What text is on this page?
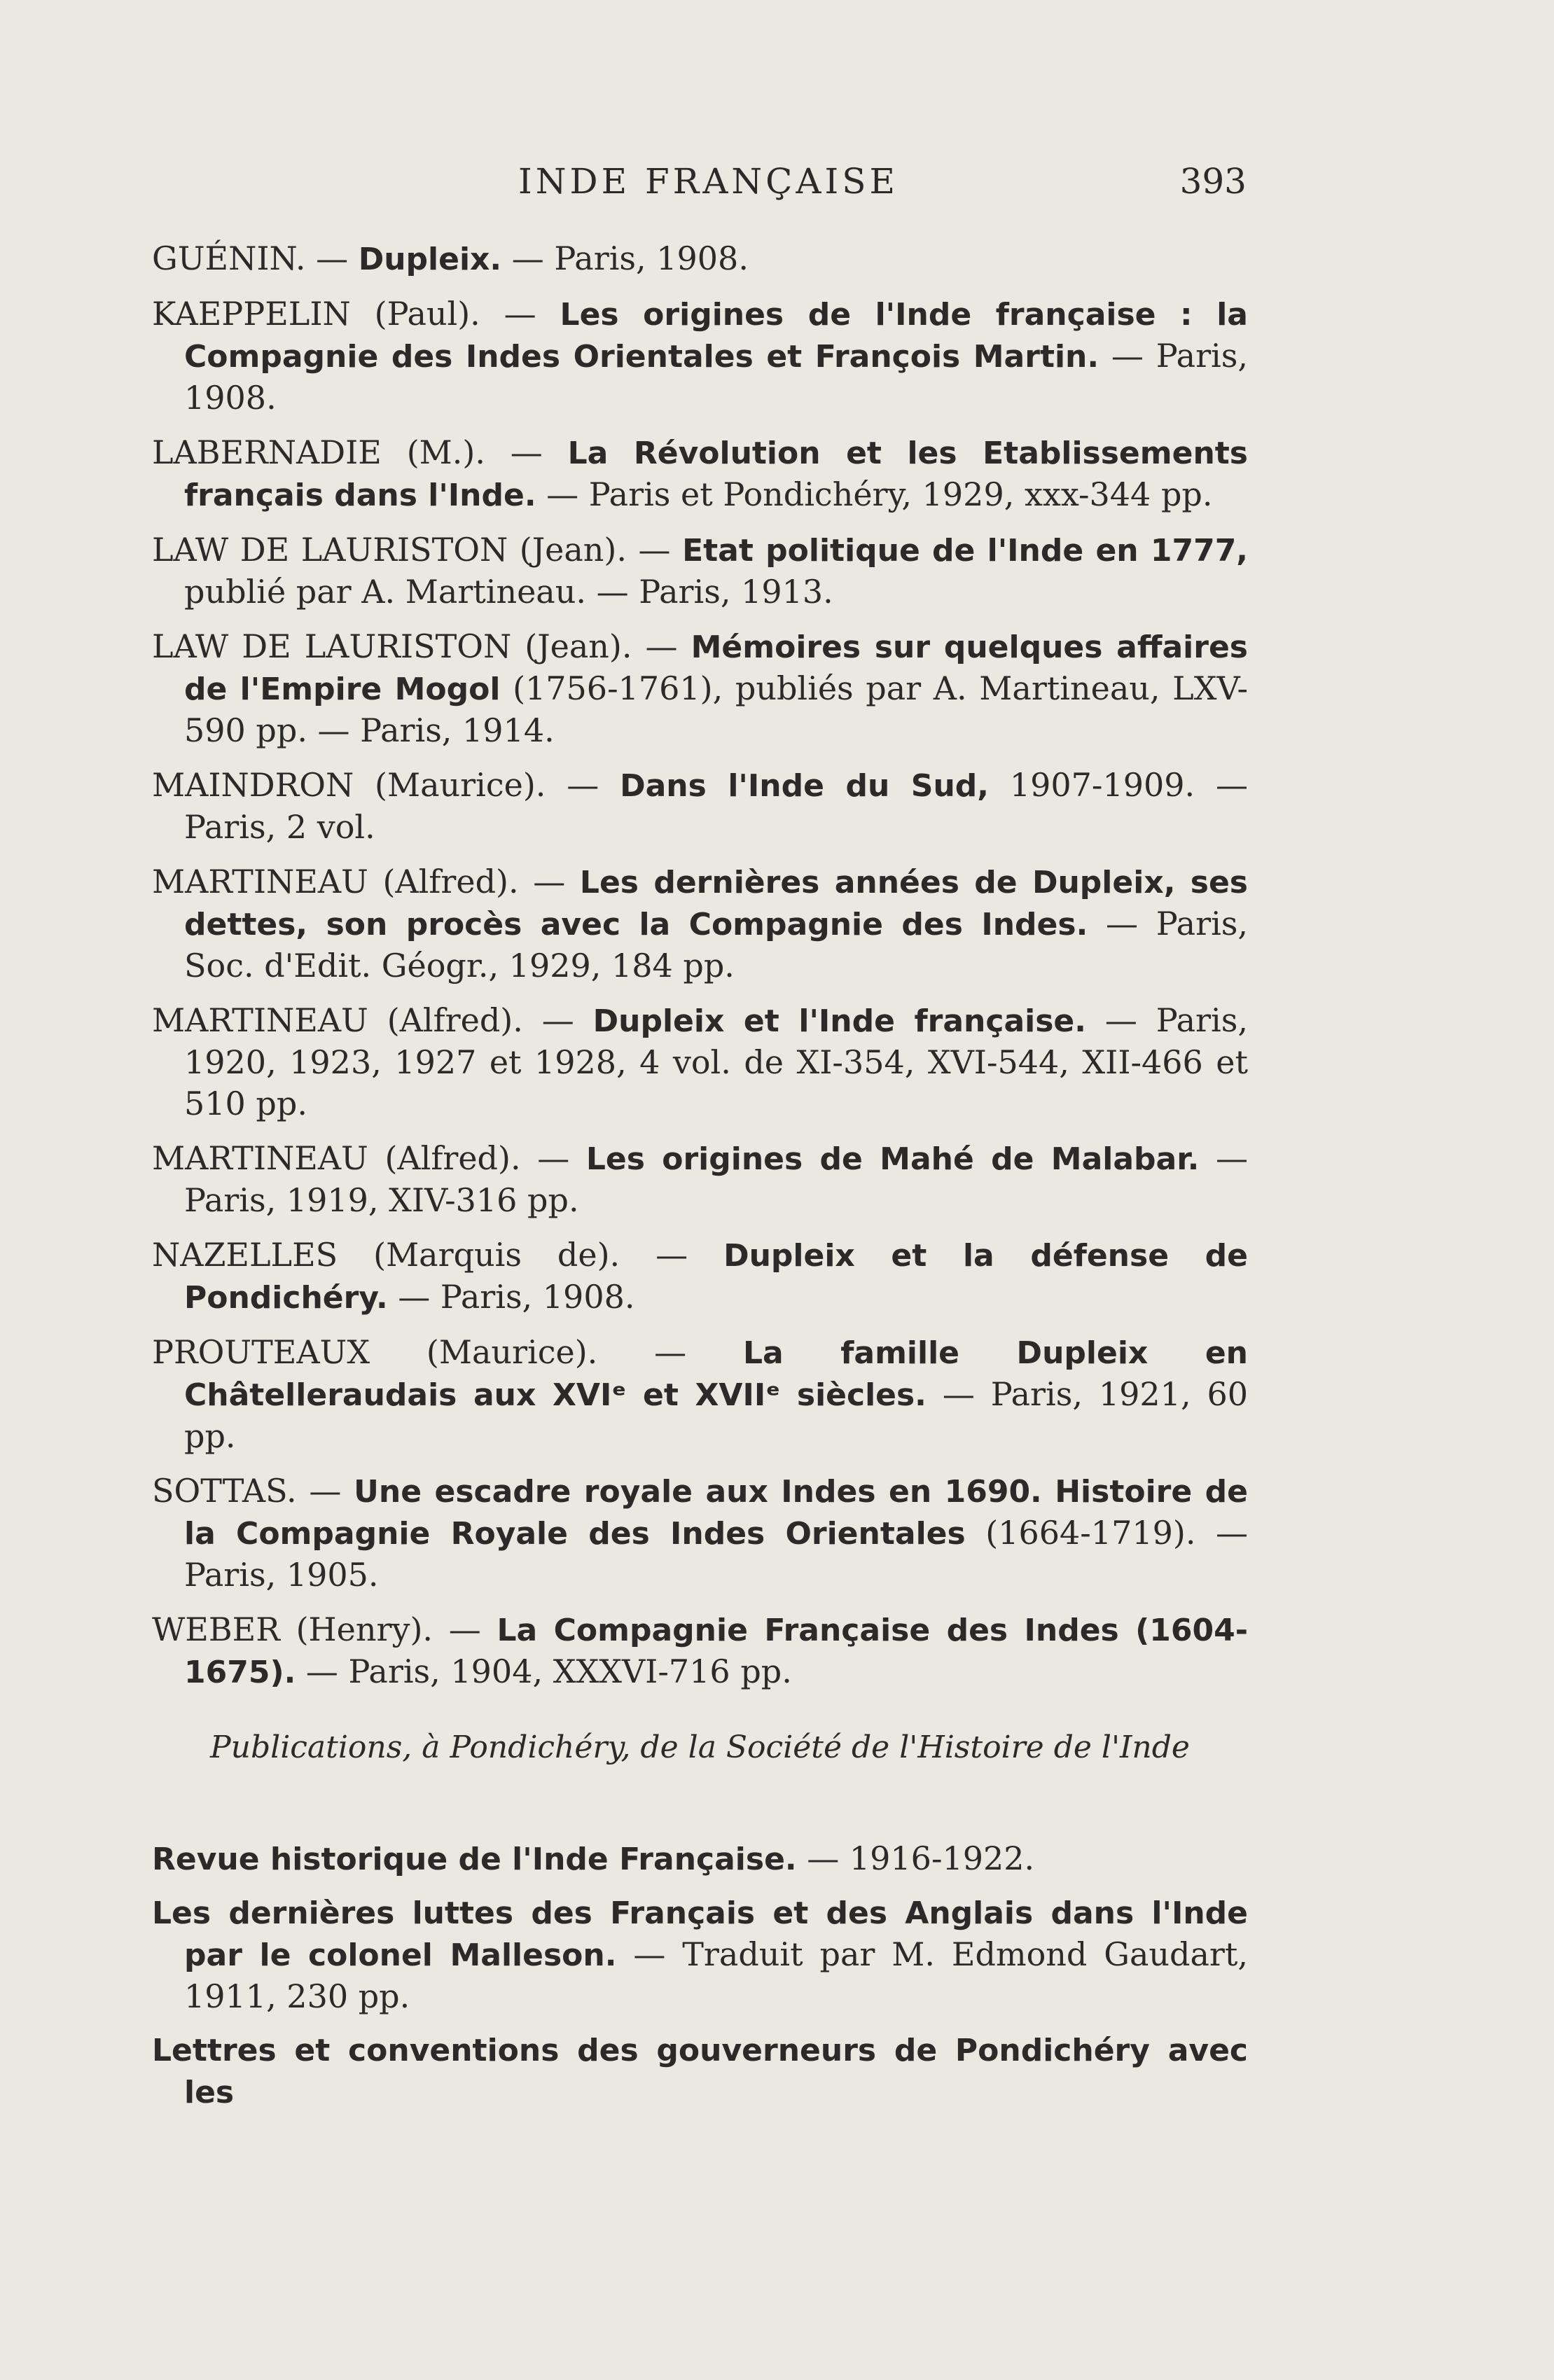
INDE FRANÇAISE	393
GUÉNIN. — Dupleix. — Paris, 1908.
KAEPPELIN (Paul). — Les origines de l'Inde française : la Compagnie des Indes Orientales et François Martin. — Paris, 1908.
LABERNADIE (M.). — La Révolution et les Etablissements français dans l'Inde. — Paris et Pondichéry, 1929, xxx-344 pp.
LAW DE LAURISTON (Jean). — Etat politique de l'Inde en 1777, publié par A. Martineau. — Paris, 1913.
LAW DE LAURISTON (Jean). — Mémoires sur quelques affaires de l'Empire Mogol (1756-1761), publiés par A. Martineau, LXV-590 pp. — Paris, 1914.
MAINDRON (Maurice). — Dans l'Inde du Sud, 1907-1909. — Paris, 2 vol.
MARTINEAU (Alfred). — Les dernières années de Dupleix, ses dettes, son procès avec la Compagnie des Indes. — Paris, Soc. d'Edit. Géogr., 1929, 184 pp.
MARTINEAU (Alfred). — Dupleix et l'Inde française. — Paris, 1920, 1923, 1927 et 1928, 4 vol. de XI-354, XVI-544, XII-466 et 510 pp.
MARTINEAU (Alfred). — Les origines de Mahé de Malabar. — Paris, 1919, XIV-316 pp.
NAZELLES (Marquis de). — Dupleix et la défense de Pondichéry. — Paris, 1908.
PROUTEAUX (Maurice). — La famille Dupleix en Châtelleraudais aux XVIᵉ et XVIIᵉ siècles. — Paris, 1921, 60 pp.
SOTTAS. — Une escadre royale aux Indes en 1690. Histoire de la Compagnie Royale des Indes Orientales (1664-1719). — Paris, 1905.
WEBER (Henry). — La Compagnie Française des Indes (1604-1675). — Paris, 1904, XXXVI-716 pp.
Publications, à Pondichéry, de la Société de l'Histoire de l'Inde
Revue historique de l'Inde Française. — 1916-1922.
Les dernières luttes des Français et des Anglais dans l'Inde par le colonel Malleson. — Traduit par M. Edmond Gaudart, 1911, 230 pp.
Lettres et conventions des gouverneurs de Pondichéry avec les
